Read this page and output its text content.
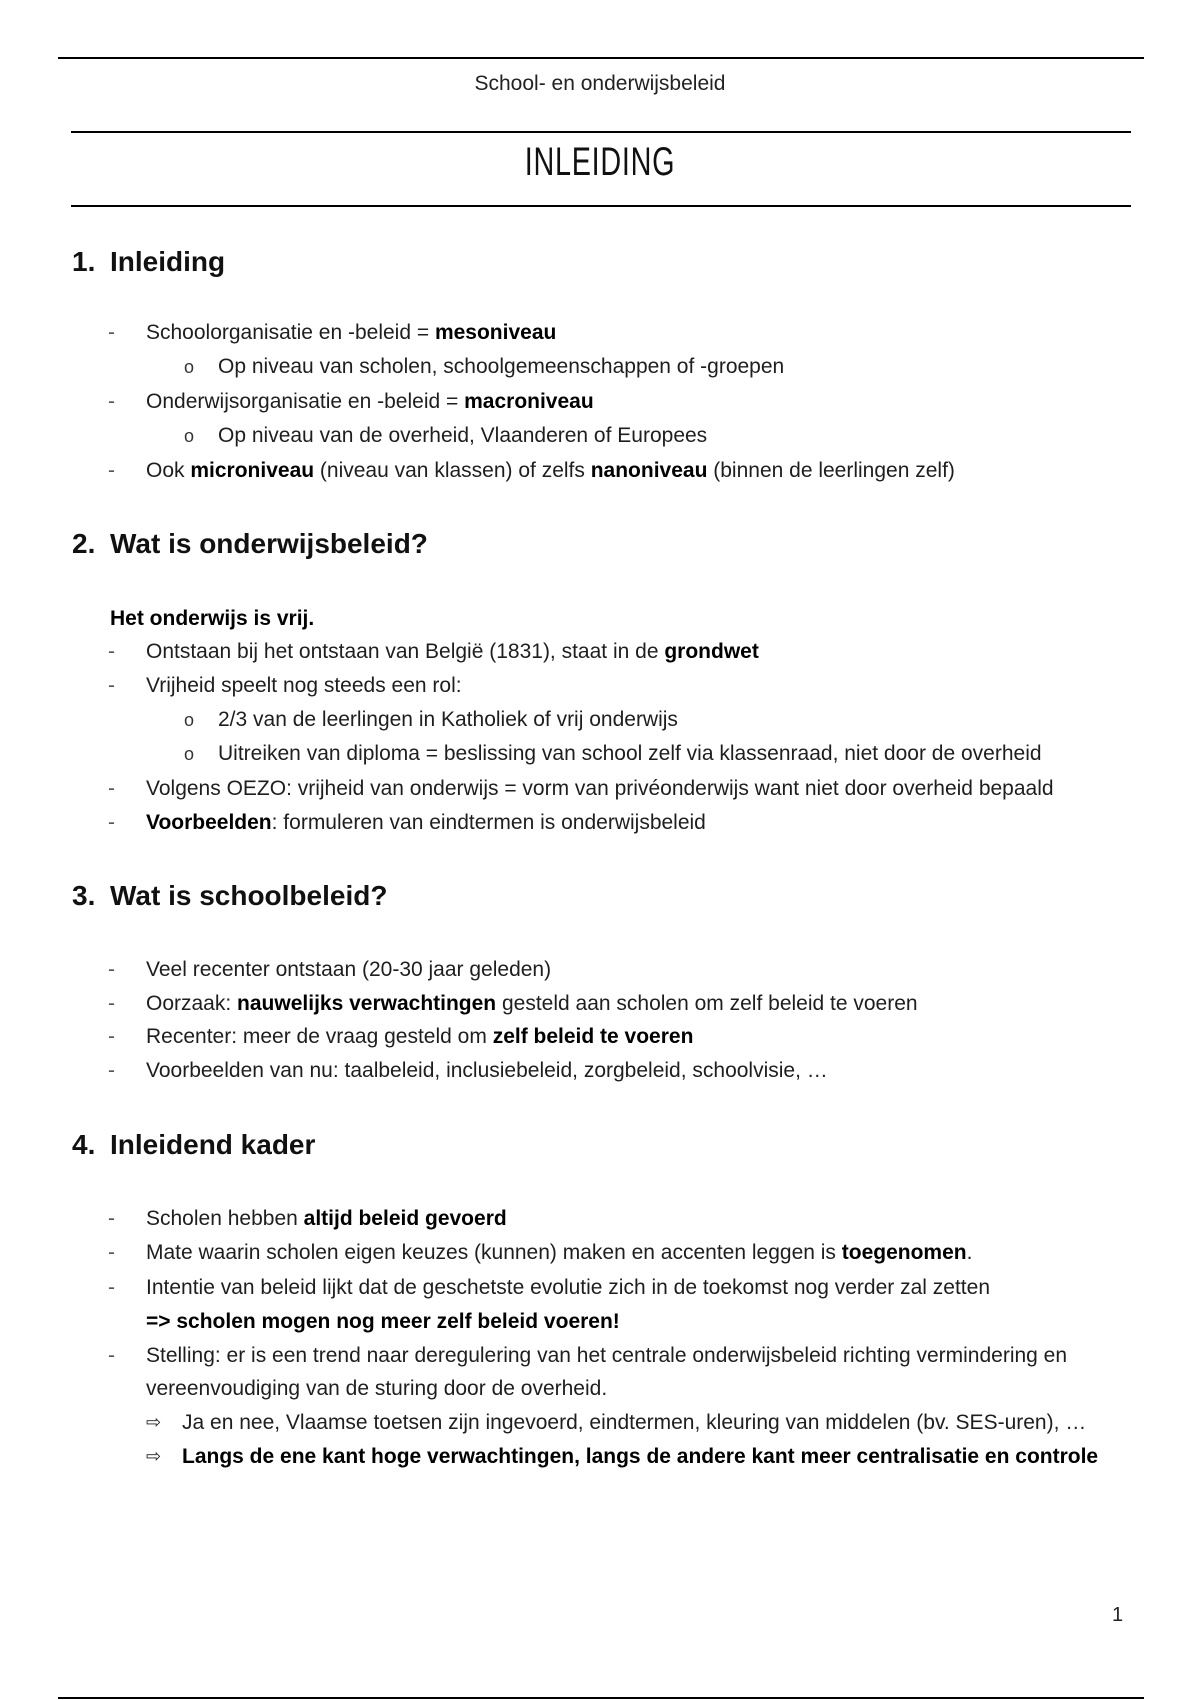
School- en onderwijsbeleid
INLEIDING
1. Inleiding
- Schoolorganisatie en -beleid = mesoniveau
o Op niveau van scholen, schoolgemeenschappen of -groepen
- Onderwijsorganisatie en -beleid = macroniveau
o Op niveau van de overheid, Vlaanderen of Europees
- Ook microniveau (niveau van klassen) of zelfs nanoniveau (binnen de leerlingen zelf)
2. Wat is onderwijsbeleid?
Het onderwijs is vrij.
- Ontstaan bij het ontstaan van België (1831), staat in de grondwet
- Vrijheid speelt nog steeds een rol:
o 2/3 van de leerlingen in Katholiek of vrij onderwijs
o Uitreiken van diploma = beslissing van school zelf via klassenraad, niet door de overheid
- Volgens OEZO: vrijheid van onderwijs = vorm van privéonderwijs want niet door overheid bepaald
- Voorbeelden: formuleren van eindtermen is onderwijsbeleid
3. Wat is schoolbeleid?
- Veel recenter ontstaan (20-30 jaar geleden)
- Oorzaak: nauwelijks verwachtingen gesteld aan scholen om zelf beleid te voeren
- Recenter: meer de vraag gesteld om zelf beleid te voeren
- Voorbeelden van nu: taalbeleid, inclusiebeleid, zorgbeleid, schoolvisie, …
4. Inleidend kader
- Scholen hebben altijd beleid gevoerd
- Mate waarin scholen eigen keuzes (kunnen) maken en accenten leggen is toegenomen.
- Intentie van beleid lijkt dat de geschetste evolutie zich in de toekomst nog verder zal zetten
=> scholen mogen nog meer zelf beleid voeren!
- Stelling: er is een trend naar deregulering van het centrale onderwijsbeleid richting vermindering en
vereenvoudiging van de sturing door de overheid.
⇨ Ja en nee, Vlaamse toetsen zijn ingevoerd, eindtermen, kleuring van middelen (bv. SES-uren), …
⇨ Langs de ene kant hoge verwachtingen, langs de andere kant meer centralisatie en controle
1
